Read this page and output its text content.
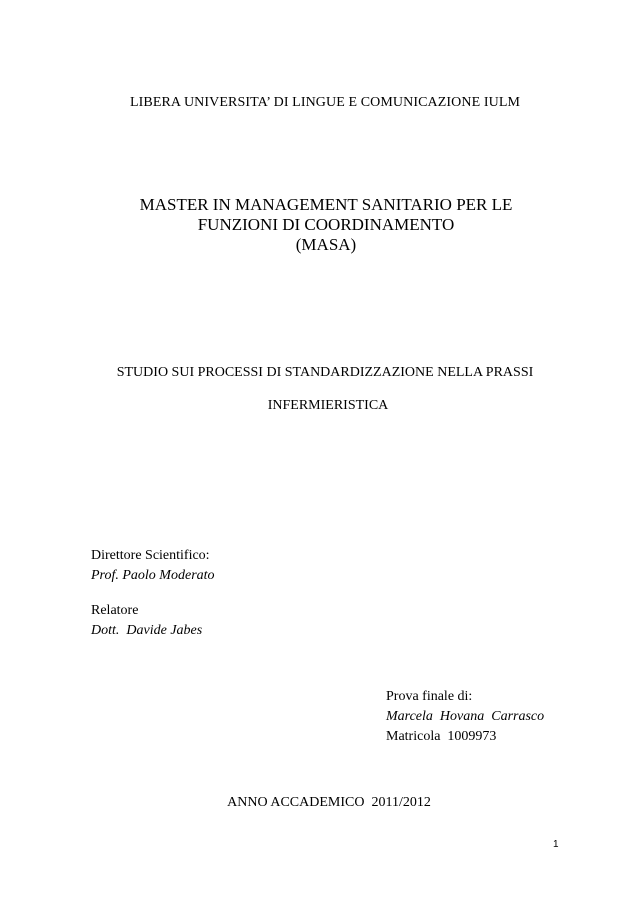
LIBERA UNIVERSITA’ DI LINGUE E COMUNICAZIONE IULM
MASTER IN MANAGEMENT SANITARIO PER LE
FUNZIONI DI COORDINAMENTO
(MASA)
STUDIO SUI PROCESSI DI STANDARDIZZAZIONE NELLA PRASSI
INFERMIERISTICA
Direttore Scientifico:
Prof. Paolo Moderato
Relatore
Dott.  Davide Jabes
Prova finale di:
Marcela  Hovana  Carrasco
Matricola  1009973
ANNO ACCADEMICO  2011/2012
1
